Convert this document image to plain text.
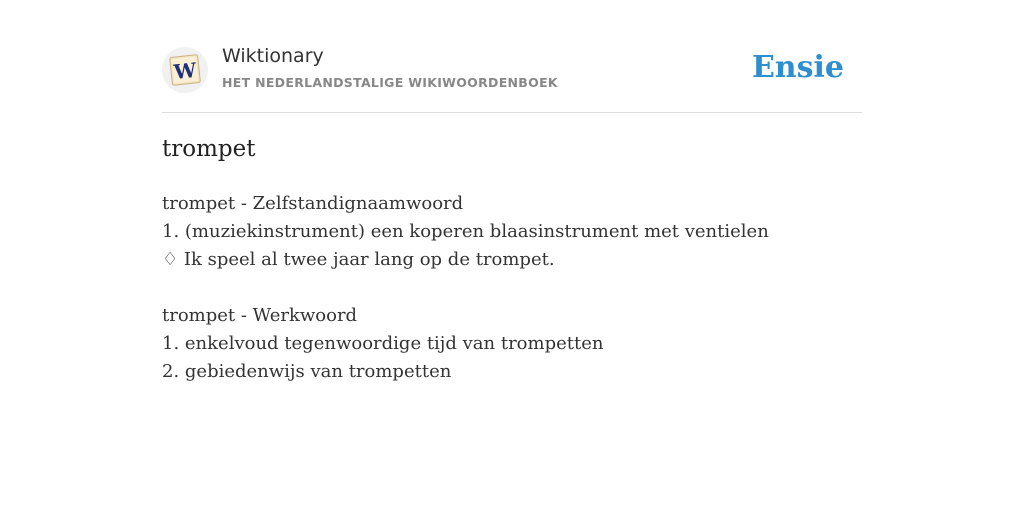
W
Wiktionary
HET NEDERLANDSTALIGE WIKIWOORDENBOEK	Ensie
trompet
trompet - Zelfstandignaamwoord
1. (muziekinstrument) een koperen blaasinstrument met ventielen
♢ Ik speel al twee jaar lang op de trompet.
trompet - Werkwoord
1. enkelvoud tegenwoordige tijd van trompetten
2. gebiedenwijs van trompetten
